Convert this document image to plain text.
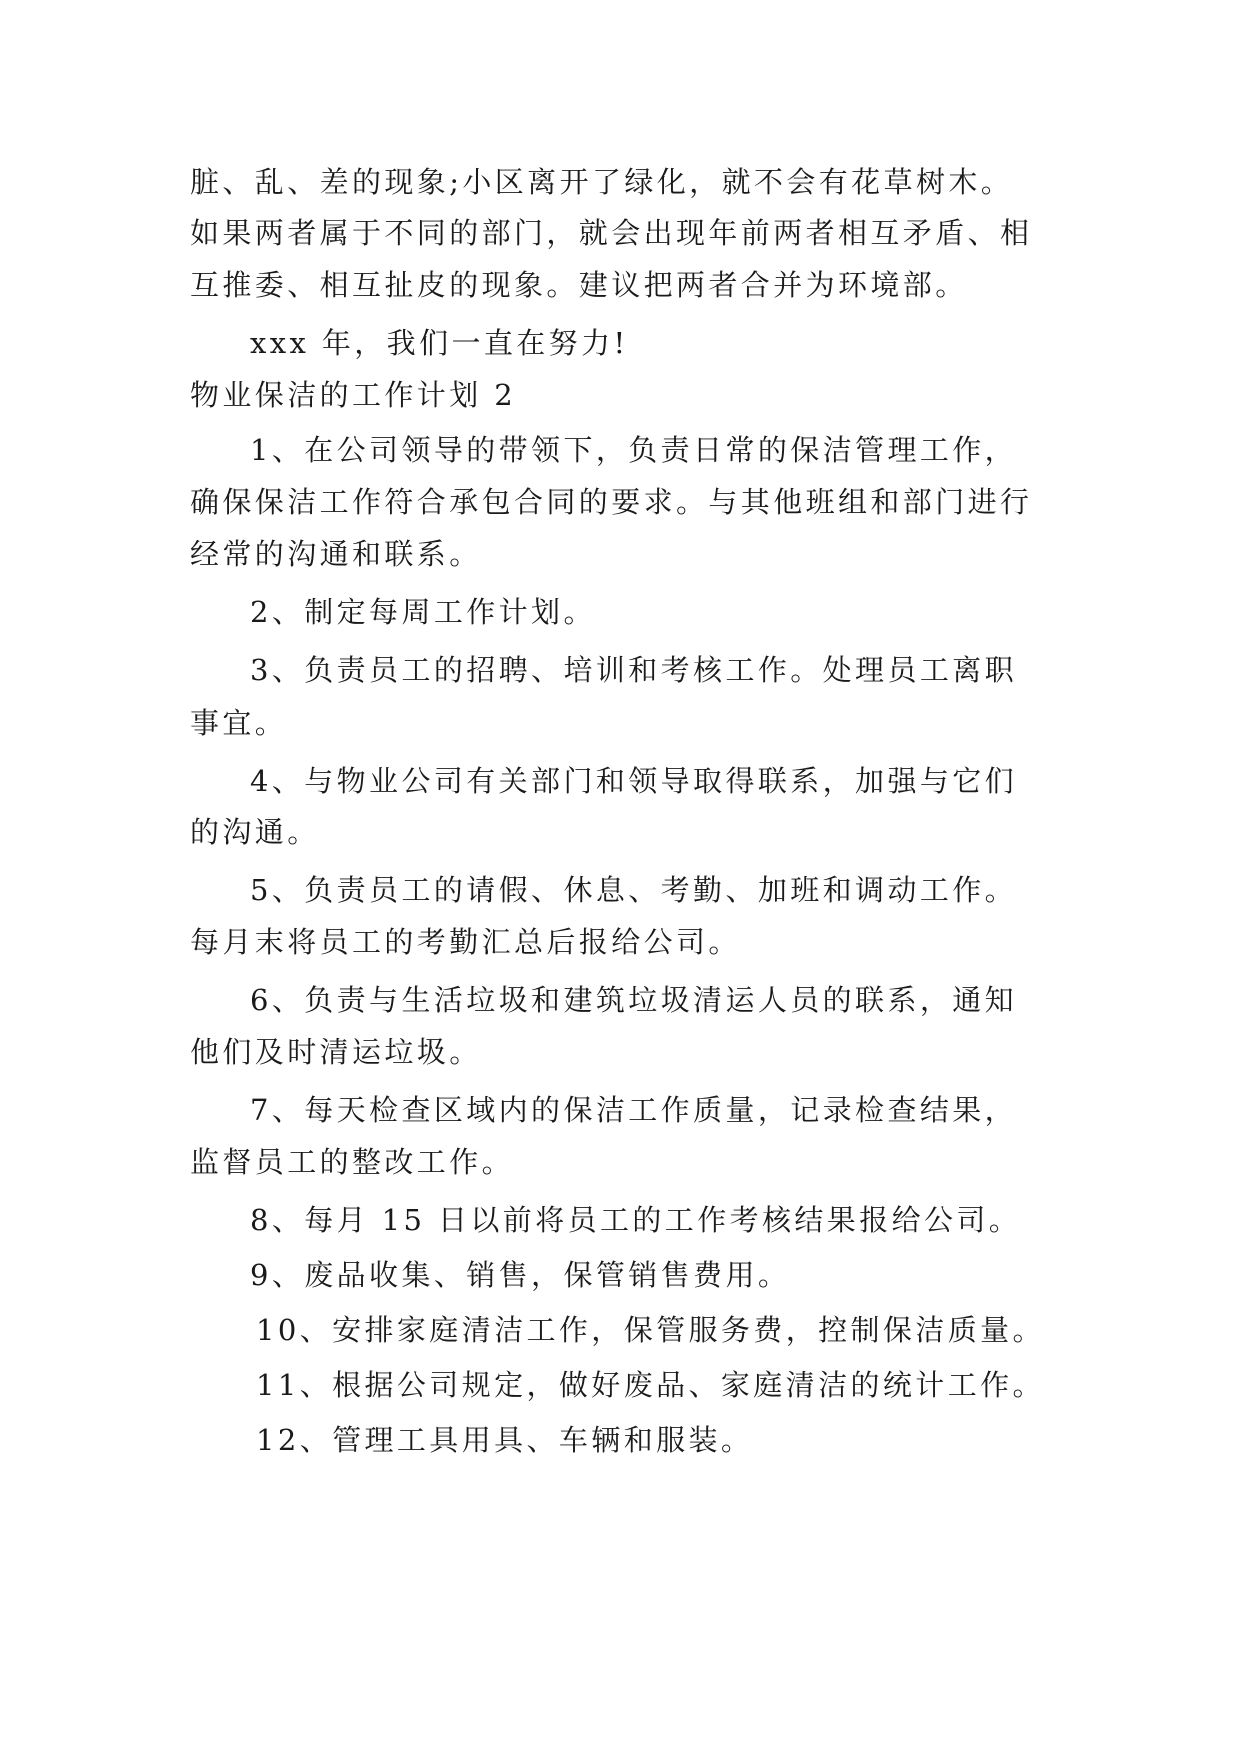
脏、乱、差的现象;小区离开了绿化，就不会有花草树木。

如果两者属于不同的部门，就会出现年前两者相互矛盾、相

互推委、相互扯皮的现象。建议把两者合并为环境部。

xxx 年，我们一直在努力!

物业保洁的工作计划 2

1、在公司领导的带领下，负责日常的保洁管理工作，

确保保洁工作符合承包合同的要求。与其他班组和部门进行

经常的沟通和联系。

2、制定每周工作计划。

3、负责员工的招聘、培训和考核工作。处理员工离职

事宜。

4、与物业公司有关部门和领导取得联系，加强与它们

的沟通。

5、负责员工的请假、休息、考勤、加班和调动工作。

每月末将员工的考勤汇总后报给公司。

6、负责与生活垃圾和建筑垃圾清运人员的联系，通知

他们及时清运垃圾。

7、每天检查区域内的保洁工作质量，记录检查结果，

监督员工的整改工作。

8、每月 15 日以前将员工的工作考核结果报给公司。

9、废品收集、销售，保管销售费用。

10、安排家庭清洁工作，保管服务费，控制保洁质量。

11、根据公司规定，做好废品、家庭清洁的统计工作。

12、管理工具用具、车辆和服装。
